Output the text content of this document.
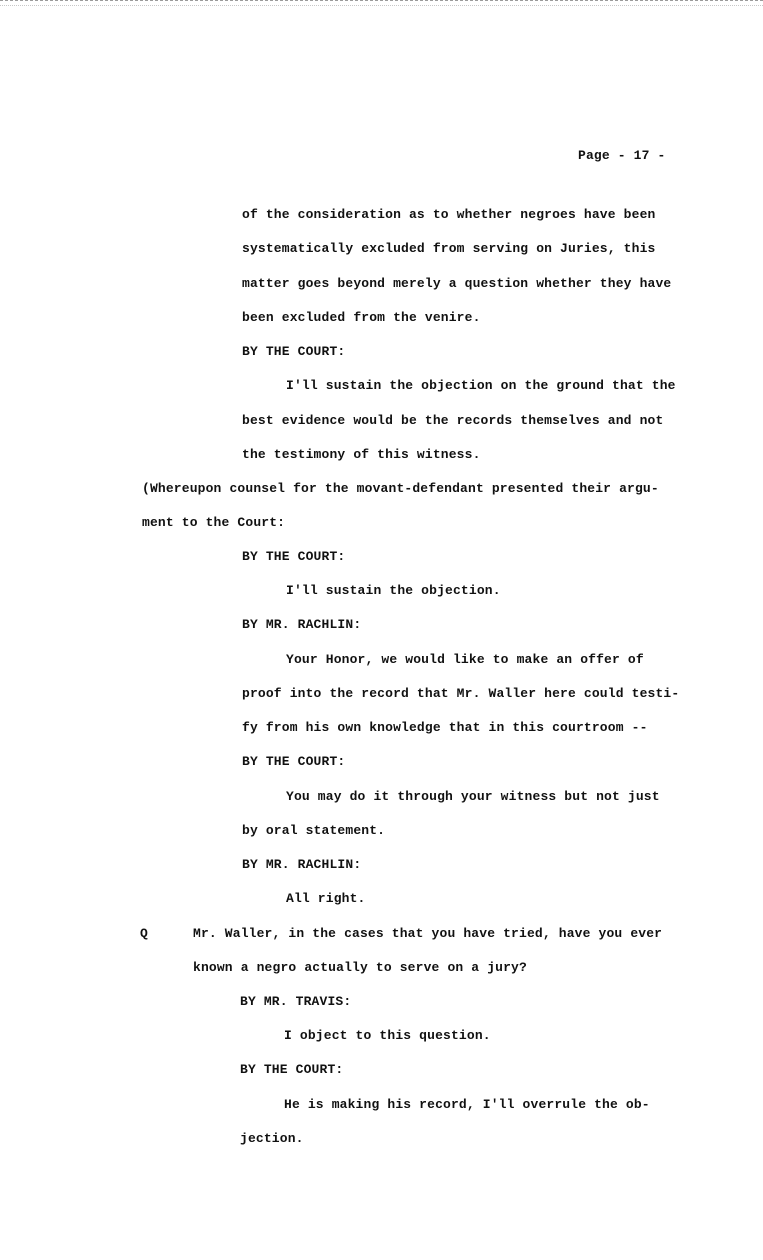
Page - 17 -
of the consideration as to whether negroes have been
systematically excluded from serving on Juries, this
matter goes beyond merely a question whether they have
been excluded from the venire.
BY THE COURT:
I'll sustain the objection on the ground that the
best evidence would be the records themselves and not
the testimony of this witness.
(Whereupon counsel for the movant-defendant presented their argu-
ment to the Court:
BY THE COURT:
I'll sustain the objection.
BY MR. RACHLIN:
Your Honor, we would like to make an offer of
proof into the record that Mr. Waller here could testi-
fy from his own knowledge that in this courtroom --
BY THE COURT:
You may do it through your witness but not just
by oral statement.
BY MR. RACHLIN:
All right.
Q	Mr. Waller, in the cases that you have tried, have you ever
known a negro actually to serve on a jury?
BY MR. TRAVIS:
I object to this question.
BY THE COURT:
He is making his record, I'll overrule the ob-
jection.
